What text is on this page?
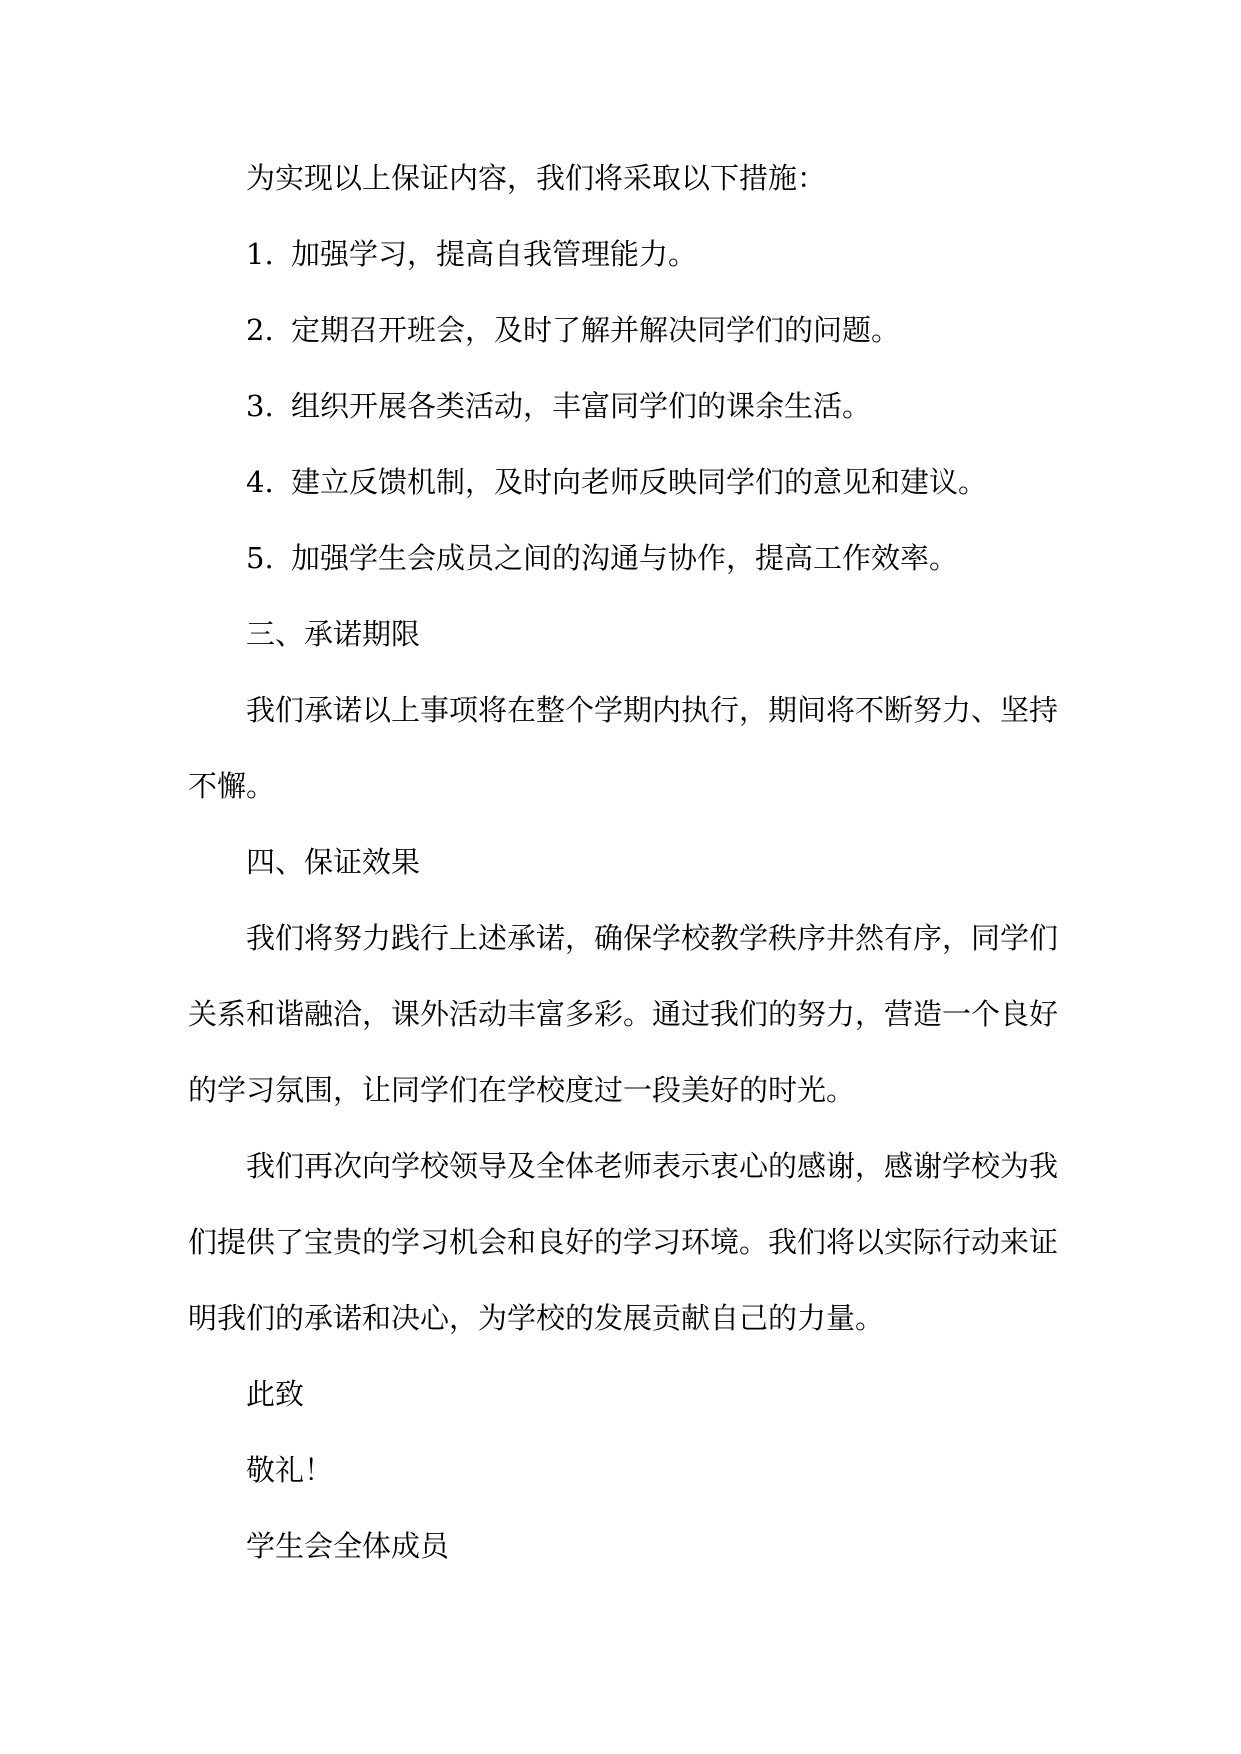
为实现以上保证内容，我们将采取以下措施：

1. 加强学习，提高自我管理能力。

2. 定期召开班会，及时了解并解决同学们的问题。

3. 组织开展各类活动，丰富同学们的课余生活。

4. 建立反馈机制，及时向老师反映同学们的意见和建议。

5. 加强学生会成员之间的沟通与协作，提高工作效率。

三、承诺期限

我们承诺以上事项将在整个学期内执行，期间将不断努力、坚持不懈。

四、保证效果

我们将努力践行上述承诺，确保学校教学秩序井然有序，同学们关系和谐融洽，课外活动丰富多彩。通过我们的努力，营造一个良好的学习氛围，让同学们在学校度过一段美好的时光。

我们再次向学校领导及全体老师表示衷心的感谢，感谢学校为我们提供了宝贵的学习机会和良好的学习环境。我们将以实际行动来证明我们的承诺和决心，为学校的发展贡献自己的力量。

此致

敬礼！

学生会全体成员
